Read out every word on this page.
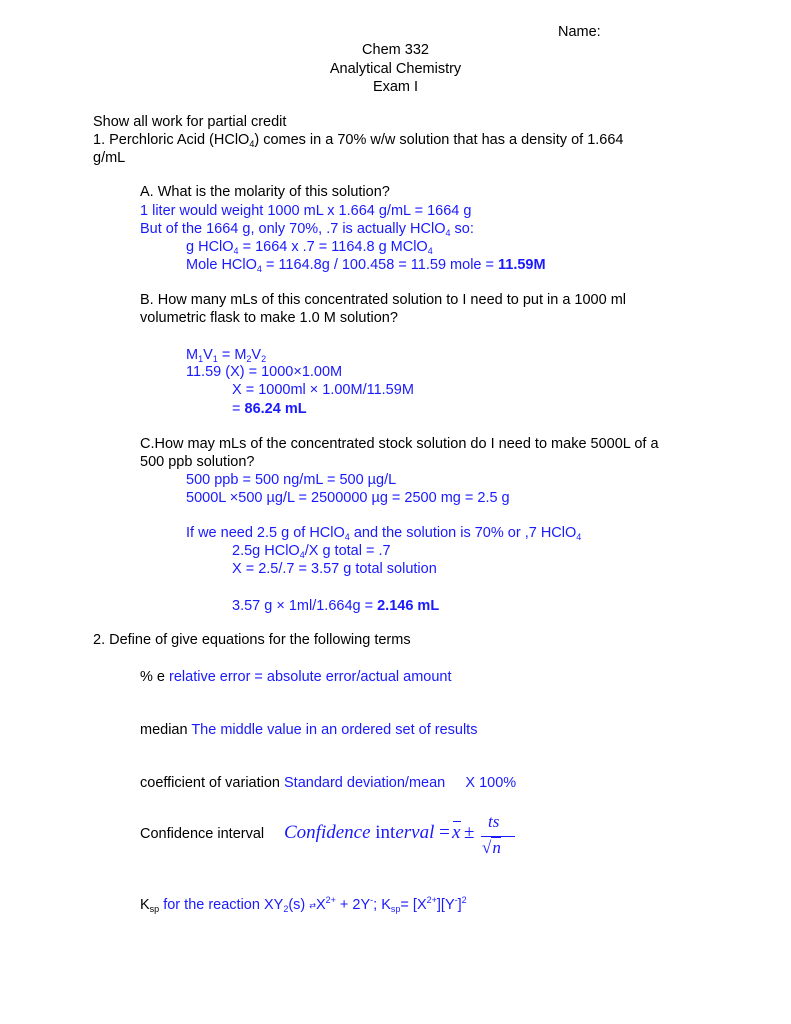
Name:
Chem 332
Analytical Chemistry
Exam I
Show all work for partial credit
1. Perchloric Acid (HClO$_4$) comes in a 70% w/w solution that has a density of 1.664
g/mL
A. What is the molarity of this solution?
1 liter would weight 1000 mL x 1.664 g/mL = 1664 g
But of the 1664 g, only 70%, .7 is actually HClO$_4$ so:
g HClO$_4$ = 1664 x .7 = 1164.8 g MClO$_4$
Mole HClO$_4$ = 1164.8g / 100.458 = 11.59 mole = 11.59M
B. How many mLs of this concentrated solution to I need to put in a 1000 ml
volumetric flask to make 1.0 M solution?
$M_1V_1 = M_2V_2$
11.59 (X) = 1000×1.00M
X = 1000ml × 1.00M/11.59M
= 86.24 mL
C.How may mLs of the concentrated stock solution do I need to make 5000L of a
500 ppb solution?
500 ppb = 500 ng/mL = 500 µg/L
5000L ×500 µg/L = 2500000 µg = 2500 mg = 2.5 g
If we need 2.5 g of HClO$_4$ and the solution is 70% or ,7 HClO$_4$
2.5g HClO$_4$/X g total = .7
X = 2.5/.7 = 3.57 g total solution
3.57 g × 1ml/1.664g = 2.146 mL
2. Define of give equations for the following terms
% e relative error = absolute error/actual amount
median The middle value in an ordered set of results
coefficient of variation Standard deviation/mean     X 100%
Confidence interval Confidence interval = x ±
ts
√n
$K_{sp}$ for the reaction $XY_2(s)$ $⇄X^{2+} + 2Y^-$; $K_{sp}= [X^{2+}][Y^-]^2$
